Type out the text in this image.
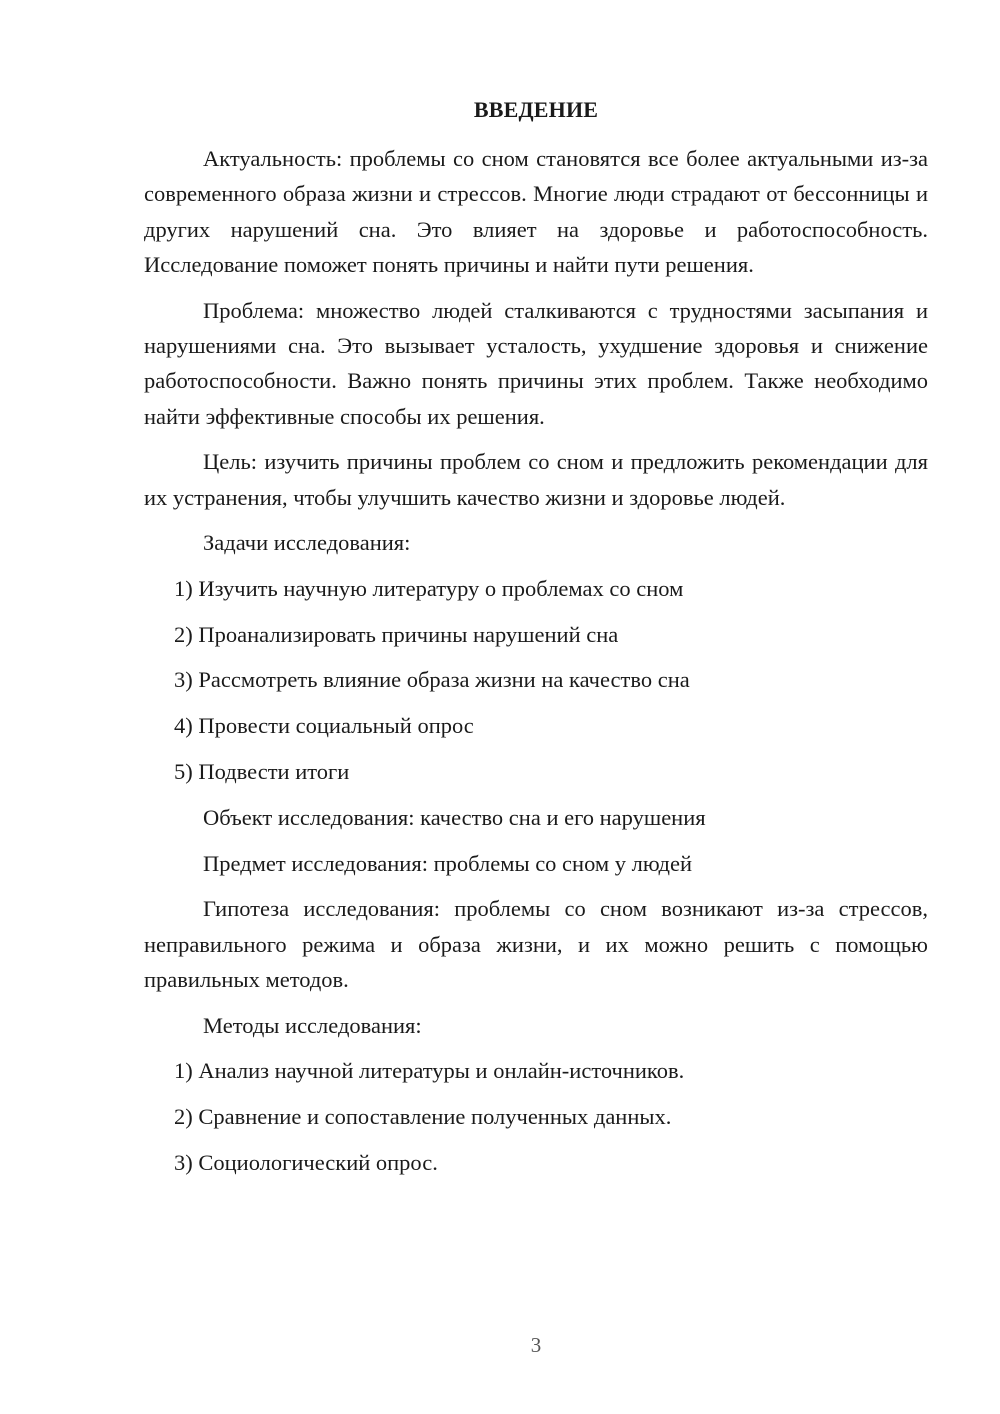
ВВЕДЕНИЕ

Актуальность: проблемы со сном становятся все более актуальными из-за современного образа жизни и стрессов. Многие люди страдают от бессонницы и других нарушений сна. Это влияет на здоровье и работоспособность. Исследование поможет понять причины и найти пути решения.

Проблема: множество людей сталкиваются с трудностями засыпания и нарушениями сна. Это вызывает усталость, ухудшение здоровья и снижение работоспособности. Важно понять причины этих проблем. Также необходимо найти эффективные способы их решения.

Цель: изучить причины проблем со сном и предложить рекомендации для их устранения, чтобы улучшить качество жизни и здоровье людей.

Задачи исследования:

1) Изучить научную литературу о проблемах со сном
2) Проанализировать причины нарушений сна
3) Рассмотреть влияние образа жизни на качество сна
4) Провести социальный опрос
5) Подвести итоги

Объект исследования: качество сна и его нарушения

Предмет исследования: проблемы со сном у людей

Гипотеза исследования: проблемы со сном возникают из-за стрессов, неправильного режима и образа жизни, и их можно решить с помощью правильных методов.

Методы исследования:

1) Анализ научной литературы и онлайн-источников.
2) Сравнение и сопоставление полученных данных.
3) Социологический опрос.
3
